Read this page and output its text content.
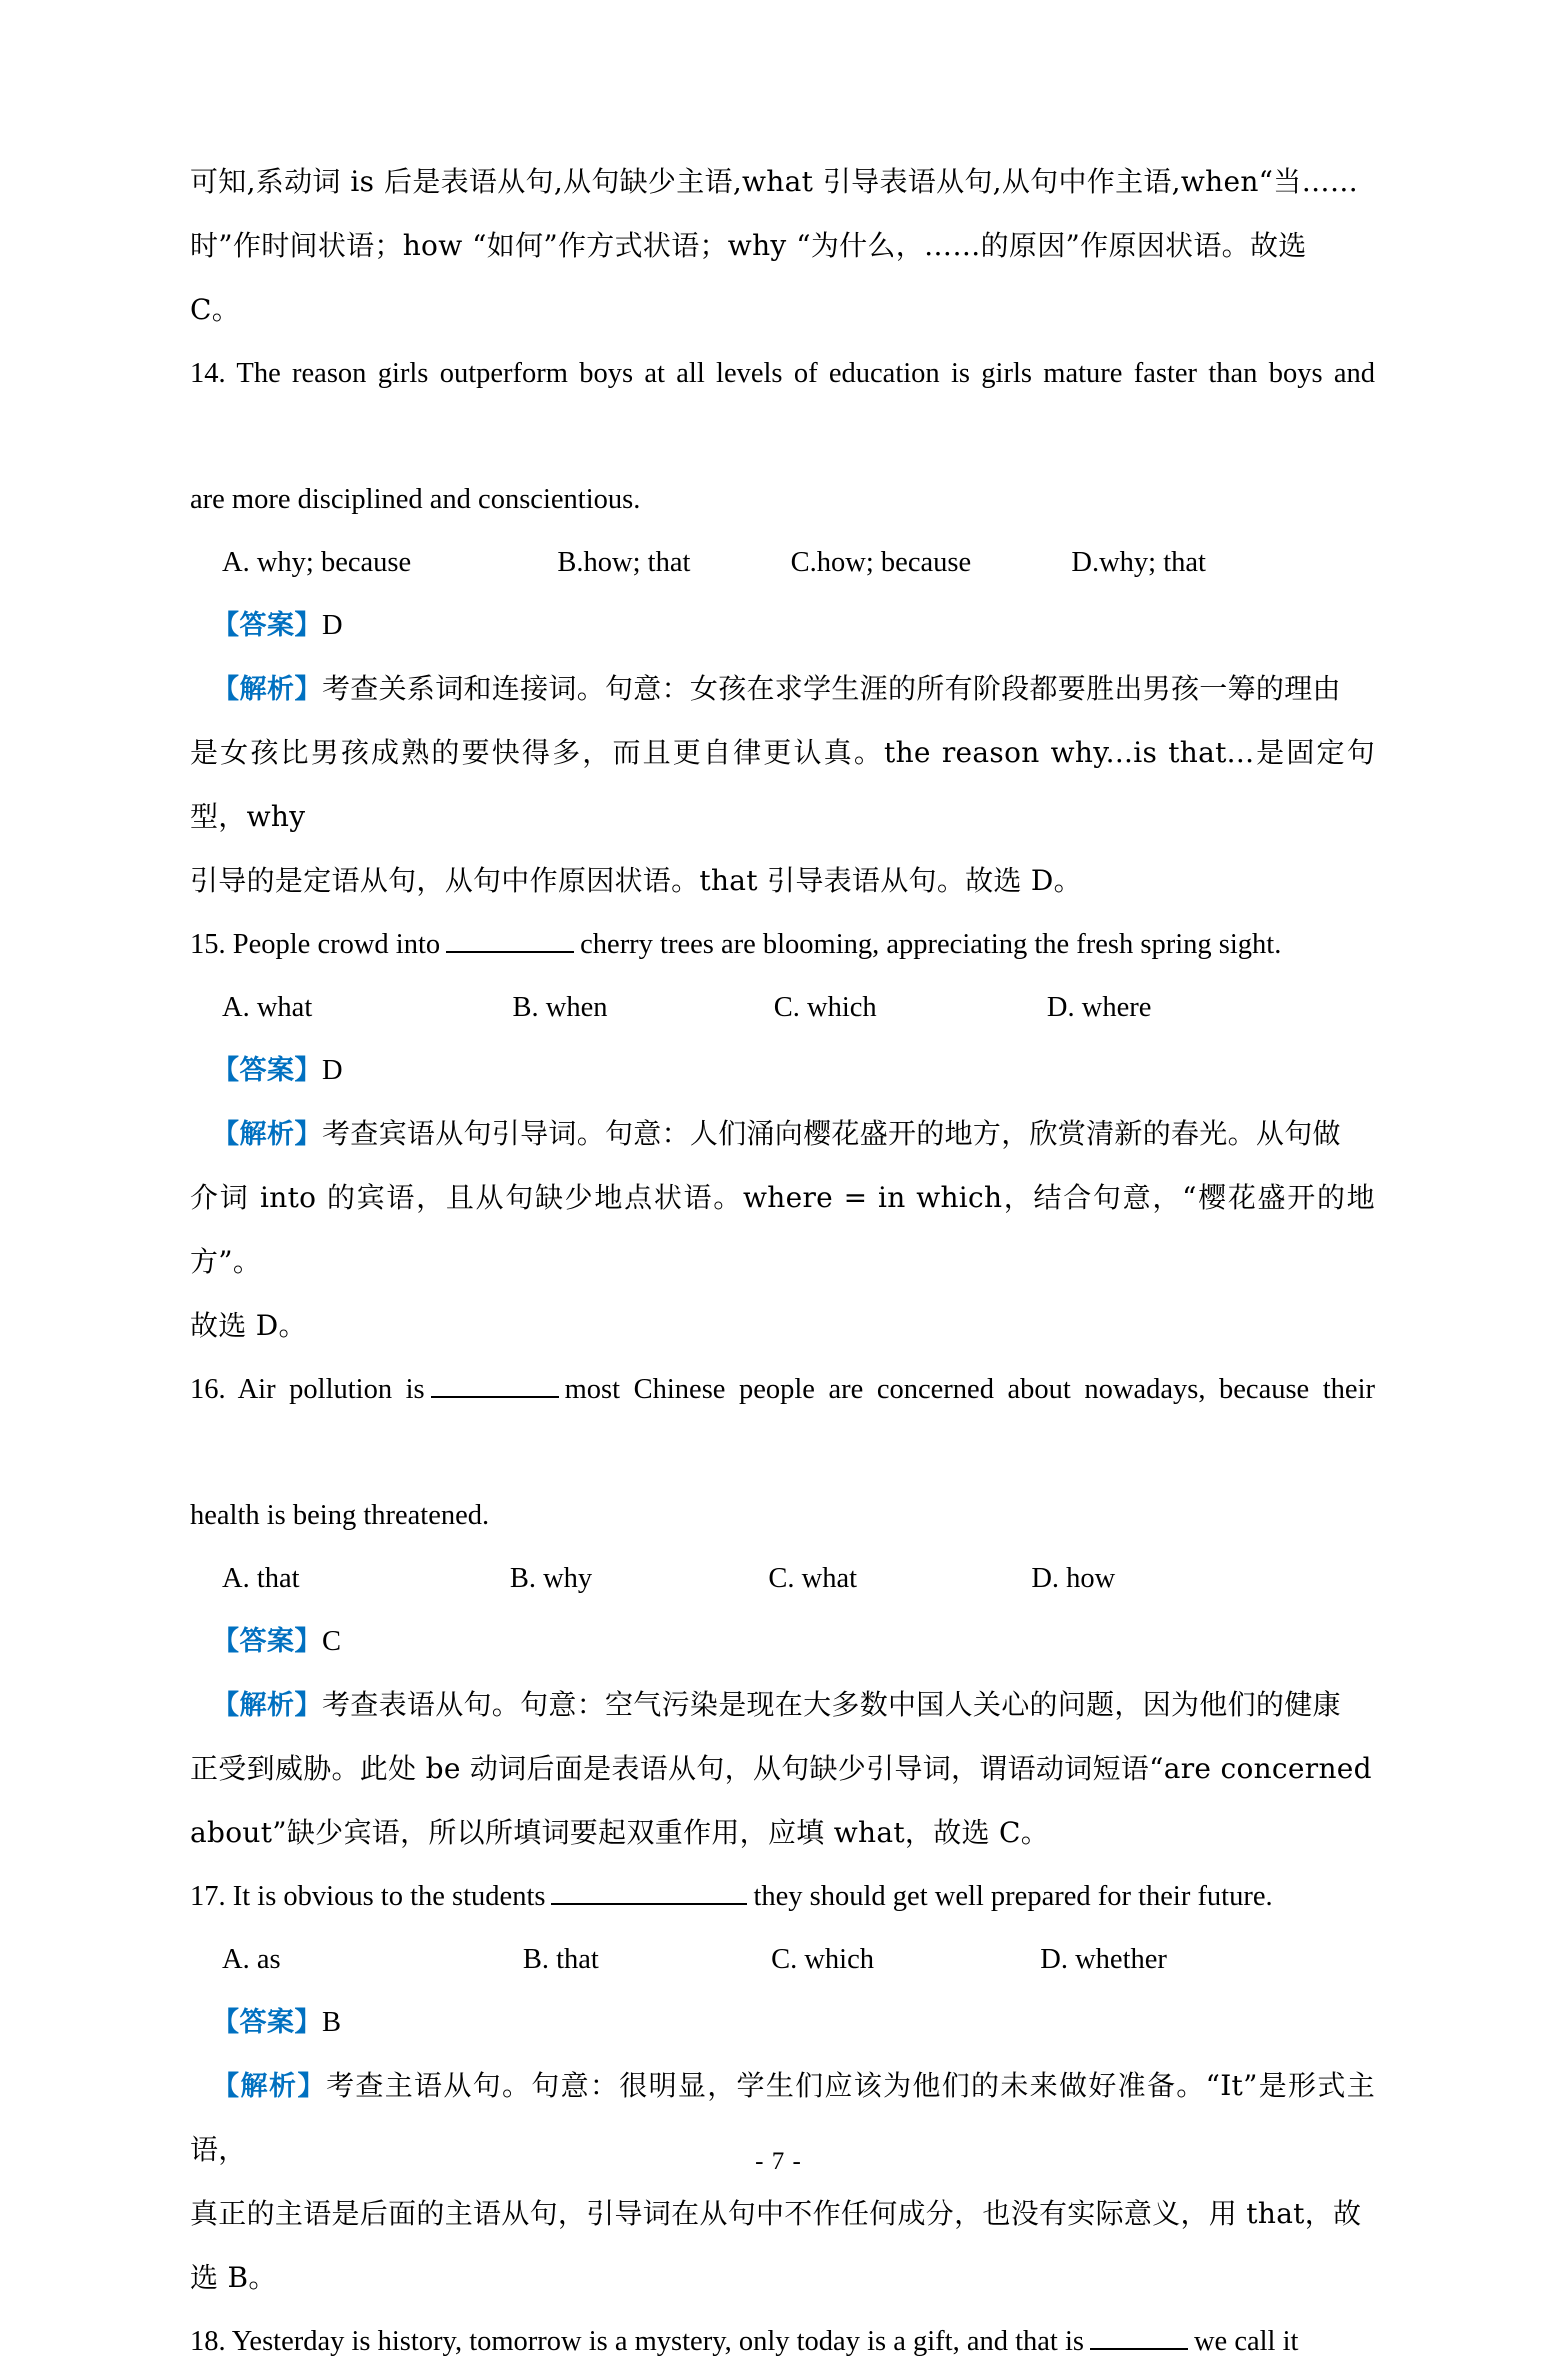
可知,系动词 is 后是表语从句,从句缺少主语,what 引导表语从句,从句中作主语,when“当……
时”作时间状语；how “如何”作方式状语；why “为什么，……的原因”作原因状语。故选
C。
14. The reason girls outperform boys at all levels of education is girls mature faster than boys and
are more disciplined and conscientious.
A. why; because	B.how; that	C.how; because	D.why; that
【答案】D
【解析】考查关系词和连接词。句意：女孩在求学生涯的所有阶段都要胜出男孩一筹的理由
是女孩比男孩成熟的要快得多，而且更自律更认真。the reason why...is that...是固定句型，why
引导的是定语从句，从句中作原因状语。that 引导表语从句。故选 D。
15. People crowd into	cherry trees are blooming, appreciating the fresh spring sight.
A. what	B. when	C. which	D. where
【答案】D
【解析】考查宾语从句引导词。句意：人们涌向樱花盛开的地方，欣赏清新的春光。从句做
介词 into 的宾语，且从句缺少地点状语。where = in which，结合句意，“樱花盛开的地方”。
故选 D。
16. Air pollution is	most Chinese people are concerned about nowadays, because their
health is being threatened.
A. that	B. why	C. what	D. how
【答案】C
【解析】考查表语从句。句意：空气污染是现在大多数中国人关心的问题，因为他们的健康
正受到威胁。此处 be 动词后面是表语从句，从句缺少引导词，谓语动词短语“are concerned
about”缺少宾语，所以所填词要起双重作用，应填 what，故选 C。
17. It is obvious to the students	they should get well prepared for their future.
A. as	B. that	C. which	D. whether
【答案】B
【解析】考查主语从句。句意：很明显，学生们应该为他们的未来做好准备。“It”是形式主语，
真正的主语是后面的主语从句，引导词在从句中不作任何成分，也没有实际意义，用 that，故
选 B。
18. Yesterday is history, tomorrow is a mystery, only today is a gift, and that is	we call it
- 7 -
